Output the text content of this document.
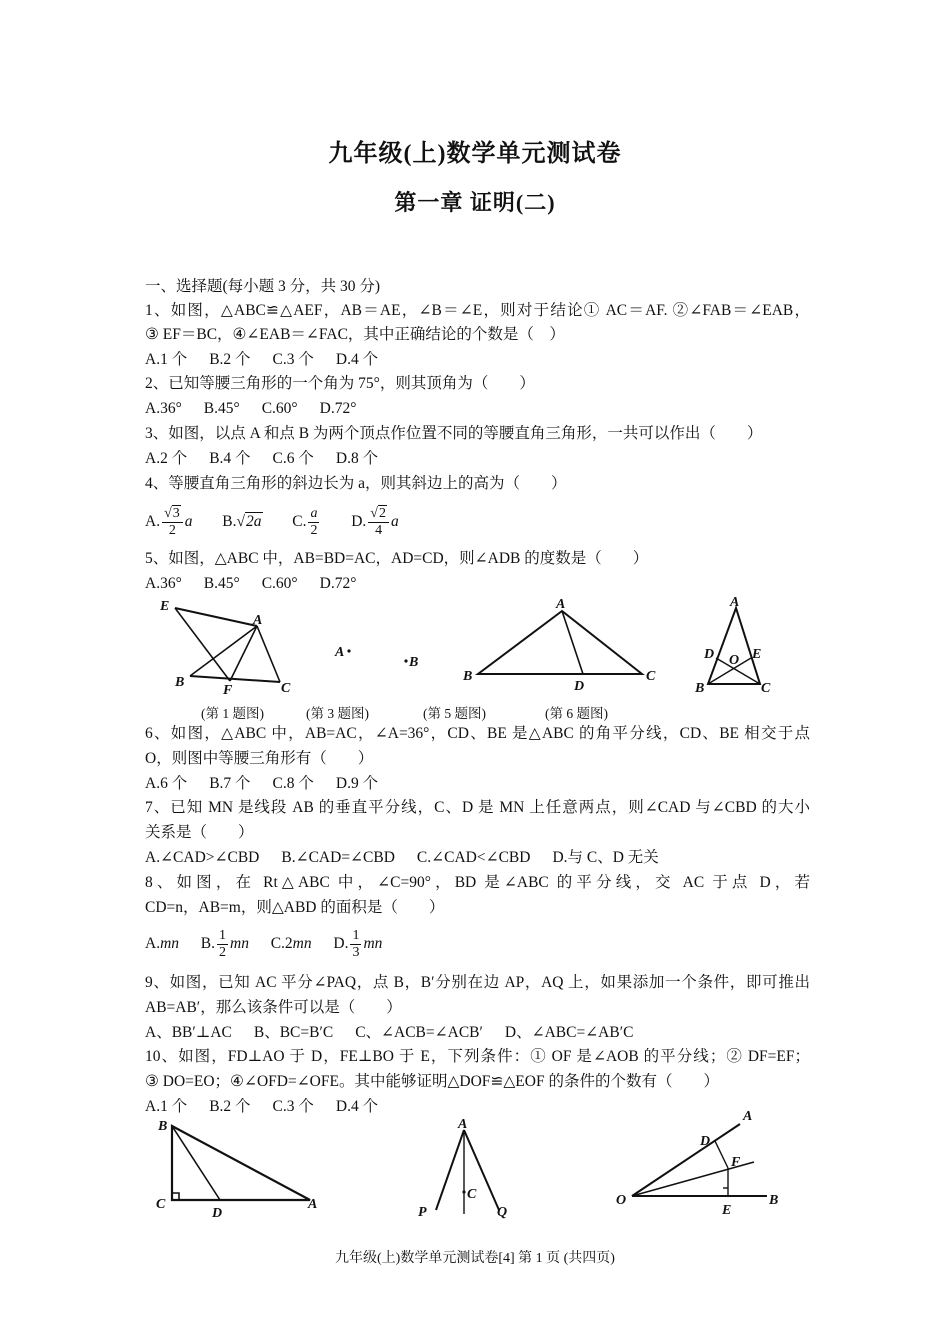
九年级(上)数学单元测试卷
第一章 证明(二)
一、选择题(每小题 3 分，共 30 分)
1、如图，△ABC≌△AEF，AB＝AE，∠B＝∠E，则对于结论① AC＝AF. ②∠FAB＝∠EAB，
③ EF＝BC，④∠EAB＝∠FAC，其中正确结论的个数是（　）
A.1 个 B.2 个 C.3 个 D.4 个
2、已知等腰三角形的一个角为 75°，则其顶角为（　　）
A.36° B.45° C.60° D.72°
3、如图，以点 A 和点 B 为两个顶点作位置不同的等腰直角三角形，一共可以作出（　　）
A.2 个 B.4 个 C.6 个 D.8 个
4、等腰直角三角形的斜边长为 a，则其斜边上的高为（　　）
A. $\frac{√3}{2}$ a B.√2a C. $\frac{a}{2} D$. $\frac{√2}{4}$ a
5、如图，△ABC 中，AB=BD=AC，AD=CD，则∠ADB 的度数是（　　）
A.36° B.45° C.60° D.72°
E
A
B
F	C
A
B
A
B
D
C
A
D O E
B	C
(第 1 题图)	(第 3 题图)	(第 5 题图)	(第 6 题图)
6、如图，△ABC 中，AB=AC，∠A=36°，CD、BE 是△ABC 的角平分线，CD、BE 相交于点
O，则图中等腰三角形有（　　）
A.6 个 B.7 个 C.8 个 D.9 个
7、已知 MN 是线段 AB 的垂直平分线，C、D 是 MN 上任意两点，则∠CAD 与∠CBD 的大小
关系是（　　）
A.∠CAD>∠CBD B.∠CAD=∠CBD C.∠CAD<∠CBD D.与 C、D 无关
8、如图，在 Rt△ABC 中，∠C=90°，BD 是∠ABC 的平分线，交 AC 于点 D，若
CD=n，AB=m，则△ABD 的面积是（　　）
A.mn B. $\frac{1}{2}$ mn C.2mn D. $\frac{1}{3}$ mn
9、如图，已知 AC 平分∠PAQ，点 B，B′分别在边 AP，AQ 上，如果添加一个条件，即可推出
AB=AB′，那么该条件可以是（　　）
A、BB′⊥AC B、BC=B′C C、∠ACB=∠ACB′ D、∠ABC=∠AB′C
10、如图，FD⊥AO 于 D，FE⊥BO 于 E，下列条件：① OF 是∠AOB 的平分线；② DF=EF；
③ DO=EO；④∠OFD=∠OFE。其中能够证明△DOF≌△EOF 的条件的个数有（　　）
A.1 个 B.2 个 C.3 个 D.4 个
B
C
D
A
A
C
P	Q
A
D
F
O
E
B
九年级(上)数学单元测试卷[4] 第 1 页 (共四页)
